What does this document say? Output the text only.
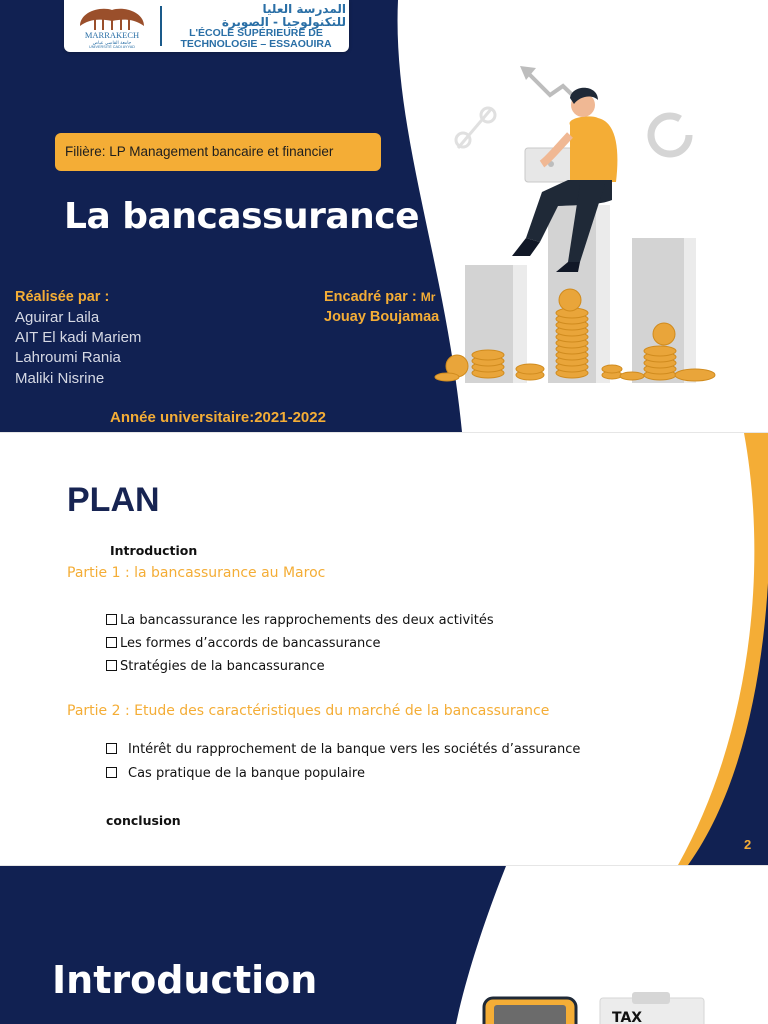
MARRAKECH
جامعة القاضي عياض
UNIVERSITÉ CADI AYYAD
المدرسة العليا
للتكنولوجيا - الصويرة
L'ÉCOLE SUPÉRIEURE DE
TECHNOLOGIE – ESSAOUIRA
Filière: LP Management bancaire et financier
La bancassurance
Réalisée par :
Aguirar Laila
AIT El kadi Mariem
Lahroumi Rania
Maliki Nisrine
Encadré par : Mr
Jouay Boujamaa
Année universitaire:2021-2022
PLAN
Introduction
Partie 1 : la bancassurance au Maroc
La bancassurance les rapprochements des deux activités
Les formes d’accords de bancassurance
Stratégies de la bancassurance
Partie 2 : Etude des caractéristiques du marché de la bancassurance
Intérêt du rapprochement de la banque vers les sociétés d’assurance
Cas pratique de la banque populaire
conclusion
2
Introduction
TAX
